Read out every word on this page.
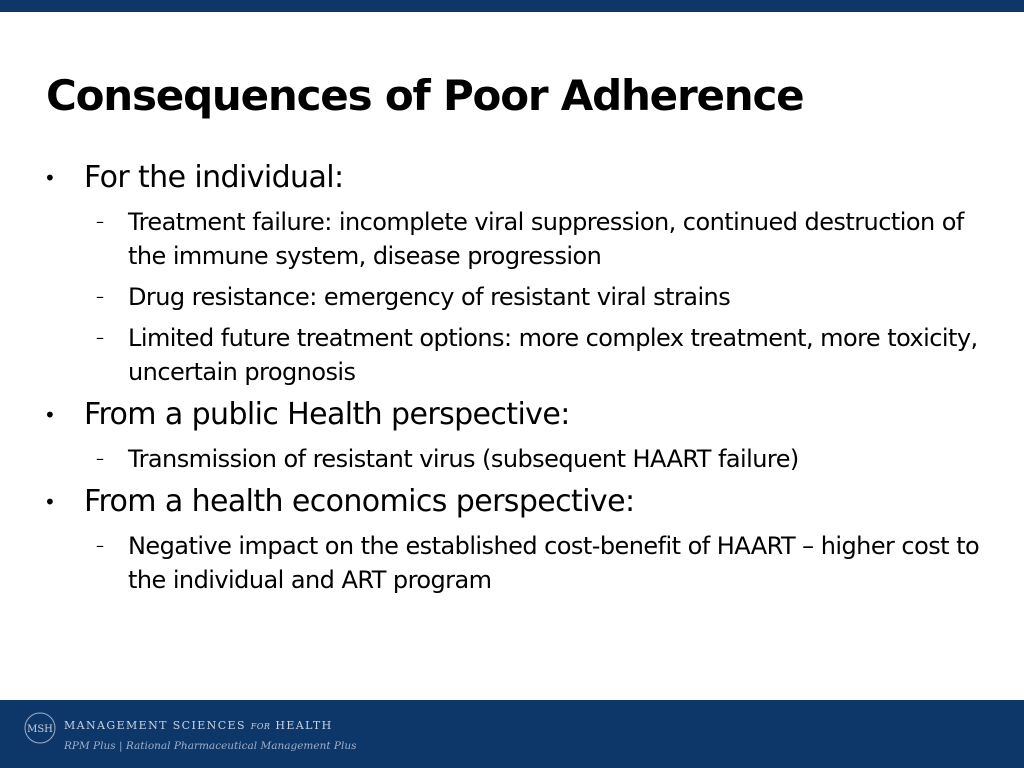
Consequences of Poor Adherence
• For the individual:
– Treatment failure: incomplete viral suppression, continued destruction of the immune system, disease progression
– Drug resistance: emergency of resistant viral strains
– Limited future treatment options: more complex treatment, more toxicity, uncertain prognosis
• From a public Health perspective:
– Transmission of resistant virus (subsequent HAART failure)
• From a health economics perspective:
– Negative impact on the established cost-benefit of HAART – higher cost to the individual and ART program
MSH MANAGEMENT SCIENCES for HEALTH
RPM Plus | Rational Pharmaceutical Management Plus
